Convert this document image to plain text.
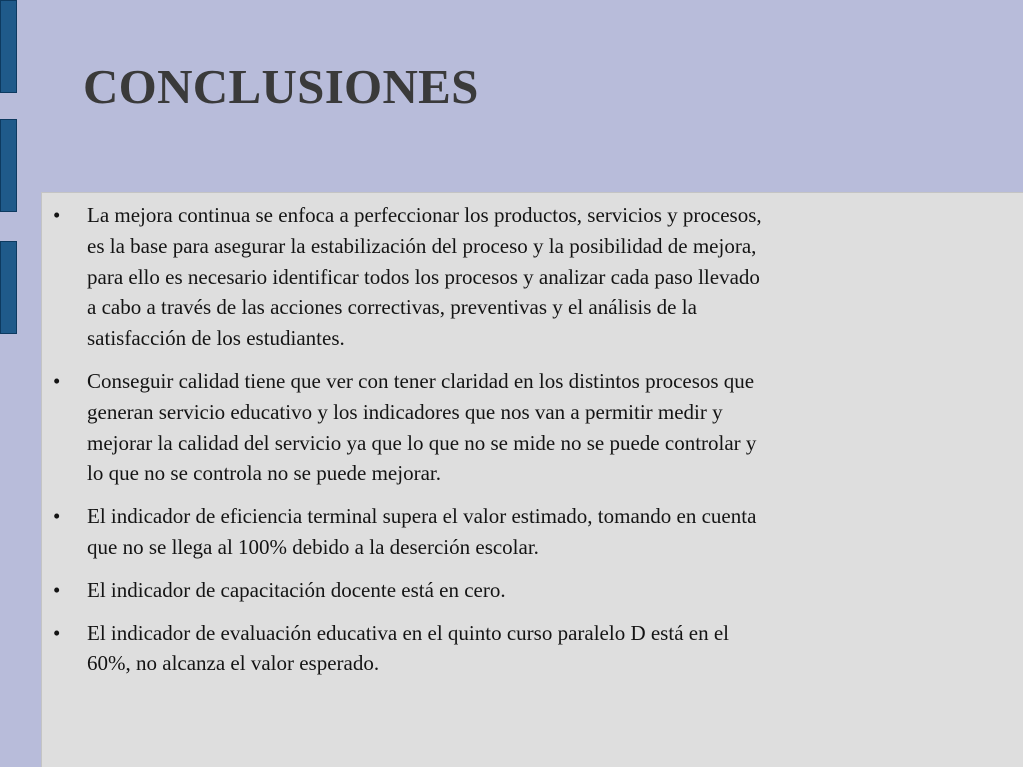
CONCLUSIONES
• La mejora continua se enfoca a perfeccionar los productos, servicios y procesos,
es la base para asegurar la estabilización del proceso y la posibilidad de mejora,
para ello es necesario identificar todos los procesos y analizar cada paso llevado
a cabo a través de las acciones correctivas, preventivas y el análisis de la
satisfacción de los estudiantes.
• Conseguir calidad tiene que ver con tener claridad en los distintos procesos que
generan servicio educativo y los indicadores que nos van a permitir medir y
mejorar la calidad del servicio ya que lo que no se mide no se puede controlar y
lo que no se controla no se puede mejorar.
• El indicador de eficiencia terminal supera el valor estimado, tomando en cuenta
que no se llega al 100% debido a la deserción escolar.
• El indicador de capacitación docente está en cero.
• El indicador de evaluación educativa en el quinto curso paralelo D está en el
60%, no alcanza el valor esperado.
